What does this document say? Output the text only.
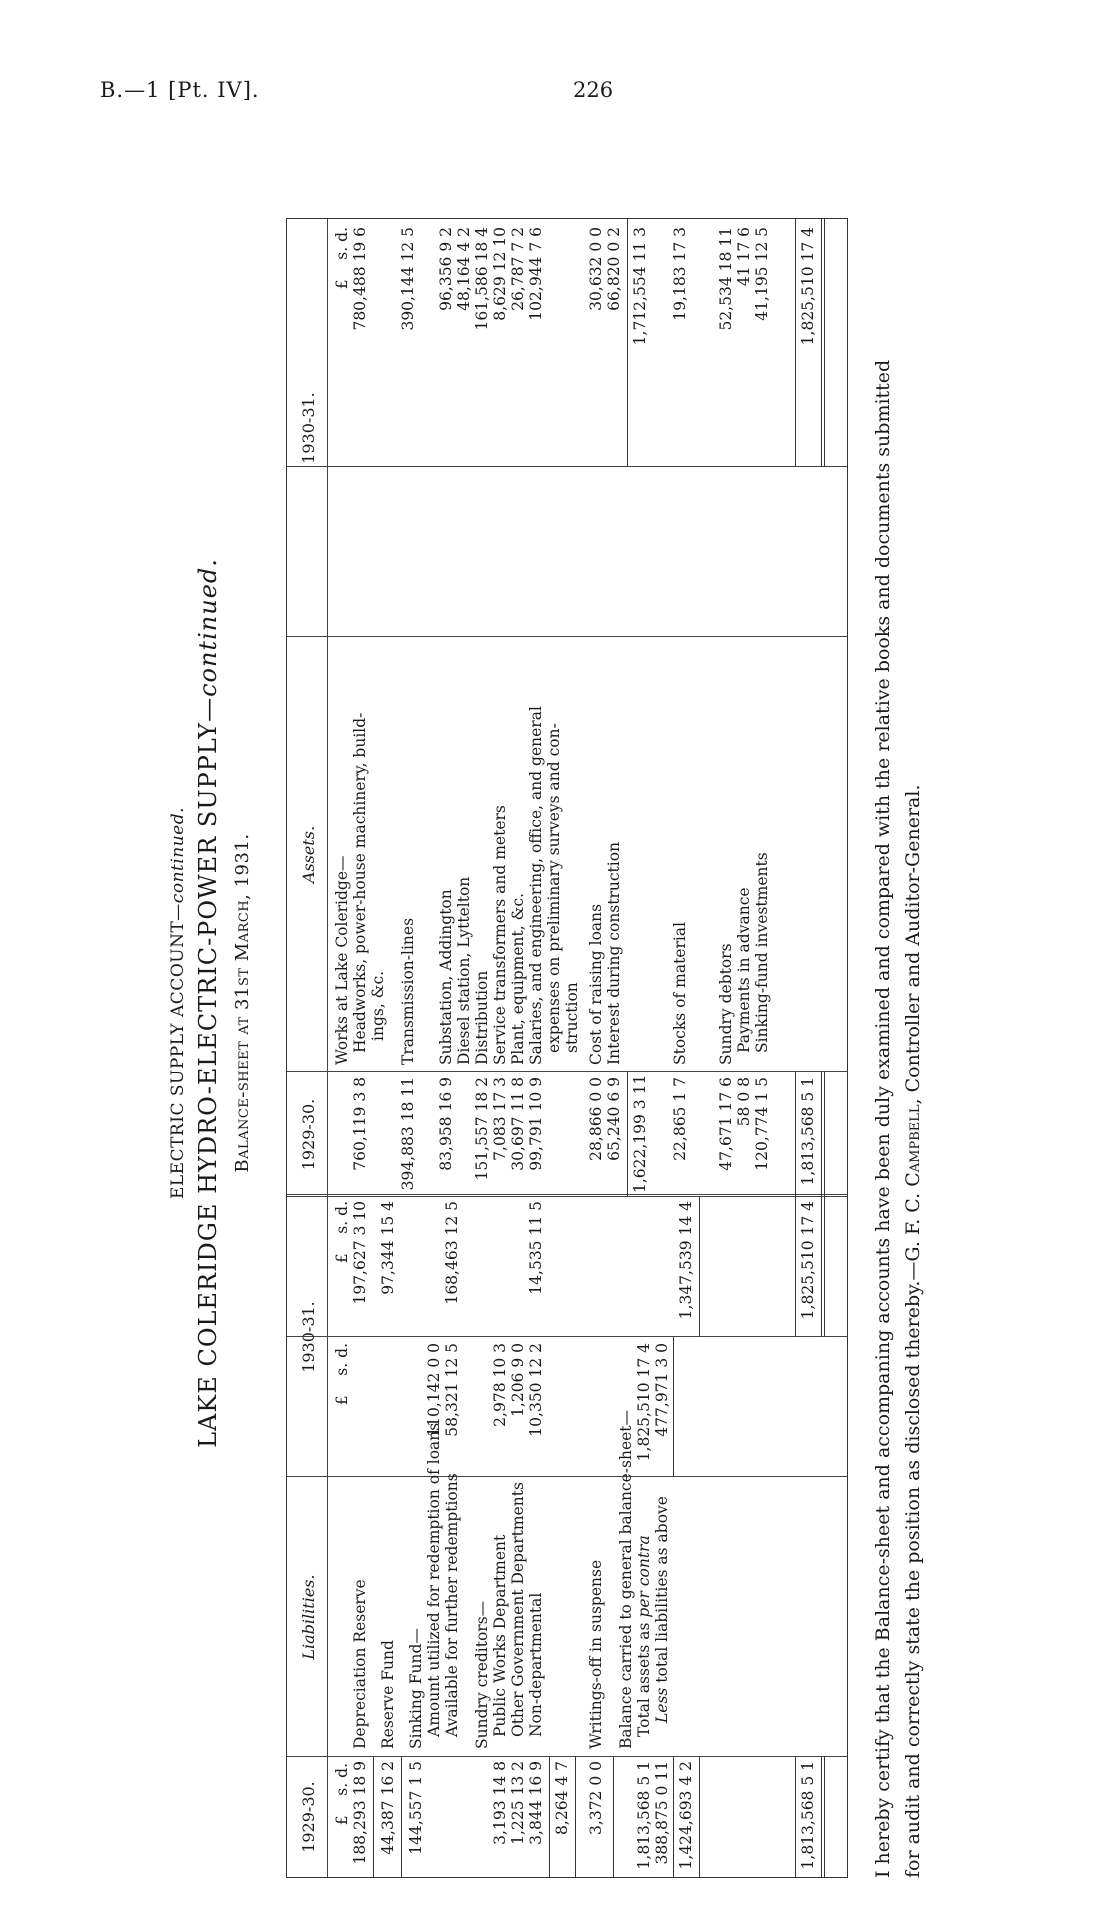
B.—1 [Pt. IV].	226
ELECTRIC SUPPLY ACCOUNT—continued. LAKE COLERIDGE HYDRO-ELECTRIC-POWER SUPPLY—continued.
Balance-sheet at 31st March, 1931.
1929-30.
Liabilities.
1930-31.
1929-30.
Assets.
1930-31.
£    s. d.
£    s. d.
£    s. d.
£    s. d.
188,293 18 9
Depreciation Reserve
197,627 3 10
44,387 16 2
Reserve Fund
97,344 15 4
144,557 1 5
Sinking Fund— Amount utilized for redemption of loans
110,142 0 0
Available for further redemptions
58,321 12 5
168,463 12 5
Sundry creditors—
3,193 14 8
Public Works Department
2,978 10 3
1,225 13 2
Other Government Departments
1,206 9 0
3,844 16 9
Non-departmental
10,350 12 2
14,535 11 5
8,264 4 7 3,372 0 0
Writings-off in suspense Balance carried to general balance-sheet—
1,813,568 5 1
Total assets as per contra
1,825,510 17 4
388,875 0 11
Less total liabilities as above
477,971 3 0
1,424,693 4 2
1,347,539 14 4
1,813,568 5 1
1,825,510 17 4
Works at Lake Coleridge— Headworks, power-house machinery, build-
760,119 3 8
780,488 19 6
ings, &c.
394,883 18 11
Transmission-lines
390,144 12 5
83,958 16 9
Substation, Addington
96,356 9 2
Diesel station, Lyttelton
48,164 4 2
151,557 18 2
Distribution
161,586 18 4
7,083 17 3
Service transformers and meters
8,629 12 10
30,697 11 8
Plant, equipment, &c.
26,787 7 2
99,791 10 9
Salaries, and engineering, office, and general
102,944 7 6
expenses on preliminary surveys and con- struction
28,866 0 0
Cost of raising loans
30,632 0 0
65,240 6 9
Interest during construction
66,820 0 2
1,622,199 3 11
1,712,554 11 3
22,865 1 7
Stocks of material
19,183 17 3
47,671 17 6
Sundry debtors
52,534 18 11
58 0 8
Payments in advance
41 17 6
120,774 1 5
Sinking-fund investments
41,195 12 5
1,813,568 5 1
1,825,510 17 4
I hereby certify that the Balance-sheet and accompaning accounts have been duly examined and compared with the relative books and documents submitted for audit and correctly state the position as disclosed thereby.—G. F. C. Campbell, Controller and Auditor-General.
